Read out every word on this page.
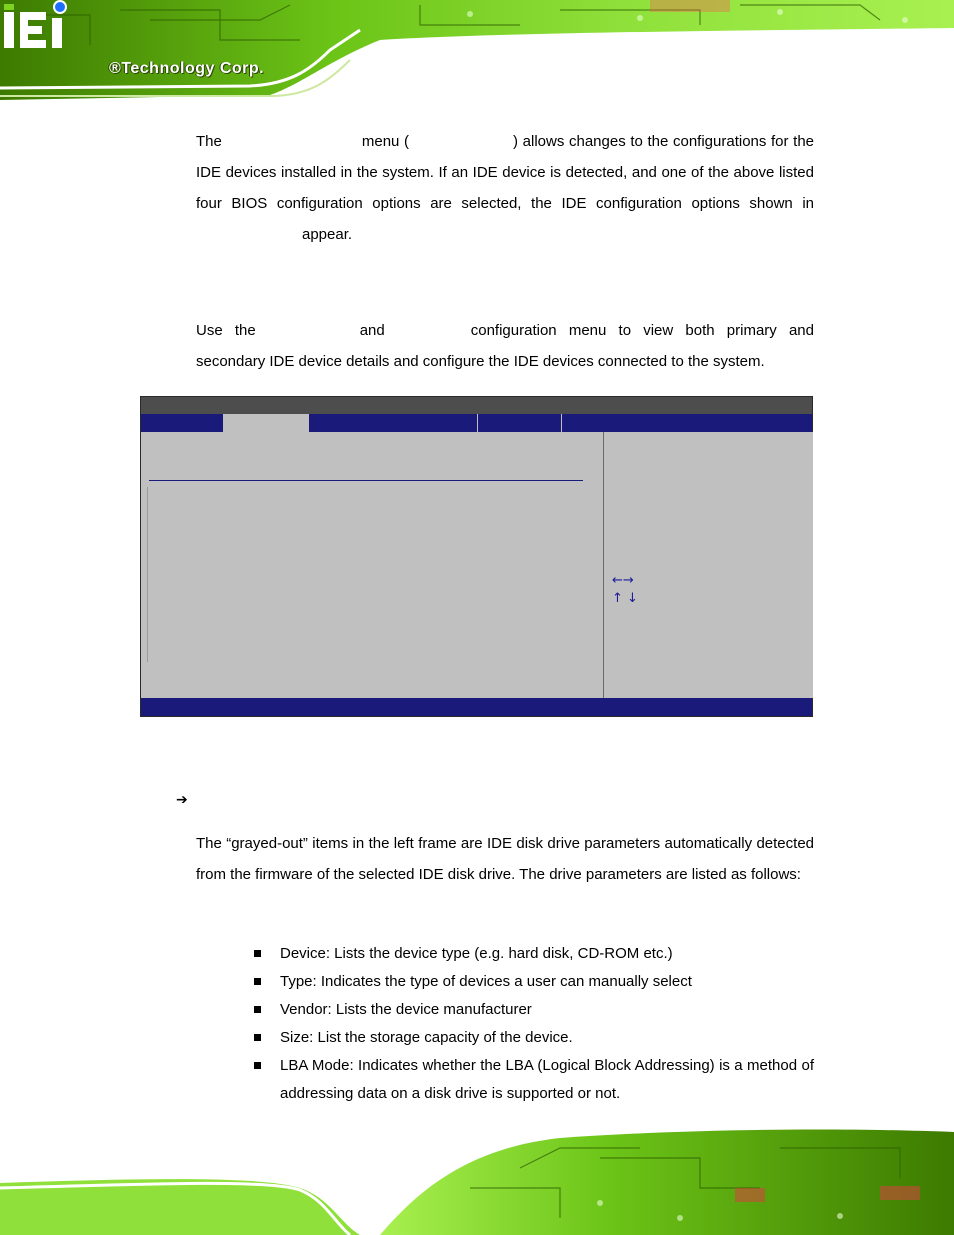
®Technology Corp.

The	menu (	) allows changes to the configurations for the IDE devices installed in the system. If an IDE device is detected, and one of the above listed four BIOS configuration options are selected, the IDE configuration options shown in appear.

Use the	and	configuration menu to view both primary and secondary IDE device details and configure the IDE devices connected to the system.

←→
↑ ↓
➔

The “grayed-out” items in the left frame are IDE disk drive parameters automatically detected from the firmware of the selected IDE disk drive. The drive parameters are listed as follows:

Device: Lists the device type (e.g. hard disk, CD-ROM etc.)
Type: Indicates the type of devices a user can manually select
Vendor: Lists the device manufacturer
Size: List the storage capacity of the device.
LBA Mode: Indicates whether the LBA (Logical Block Addressing) is a method of addressing data on a disk drive is supported or not.
